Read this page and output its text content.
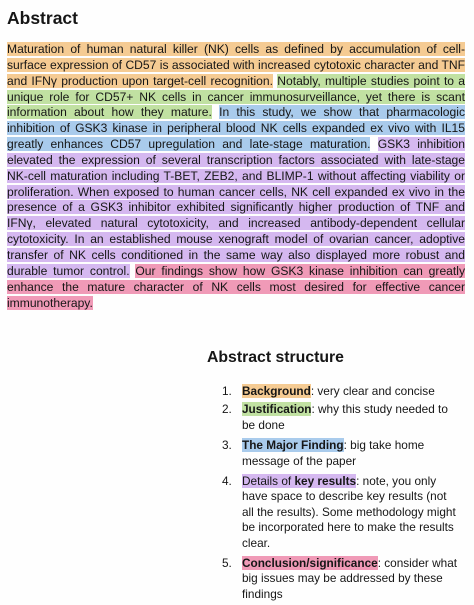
Abstract
Maturation of human natural killer (NK) cells as defined by accumulation of cell-surface expression of CD57 is associated with increased cytotoxic character and TNF and IFNγ production upon target-cell recognition. Notably, multiple studies point to a unique role for CD57+ NK cells in cancer immunosurveillance, yet there is scant information about how they mature. In this study, we show that pharmacologic inhibition of GSK3 kinase in peripheral blood NK cells expanded ex vivo with IL15 greatly enhances CD57 upregulation and late-stage maturation. GSK3 inhibition elevated the expression of several transcription factors associated with late-stage NK-cell maturation including T-BET, ZEB2, and BLIMP-1 without affecting viability or proliferation. When exposed to human cancer cells, NK cell expanded ex vivo in the presence of a GSK3 inhibitor exhibited significantly higher production of TNF and IFNγ, elevated natural cytotoxicity, and increased antibody-dependent cellular cytotoxicity. In an established mouse xenograft model of ovarian cancer, adoptive transfer of NK cells conditioned in the same way also displayed more robust and durable tumor control. Our findings show how GSK3 kinase inhibition can greatly enhance the mature character of NK cells most desired for effective cancer immunotherapy.
Abstract structure
1. Background: very clear and concise
2. Justification: why this study needed to be done
3. The Major Finding: big take home message of the paper
4. Details of key results: note, you only have space to describe key results (not all the results). Some methodology might be incorporated here to make the results clear.
5. Conclusion/significance: consider what big issues may be addressed by these findings
